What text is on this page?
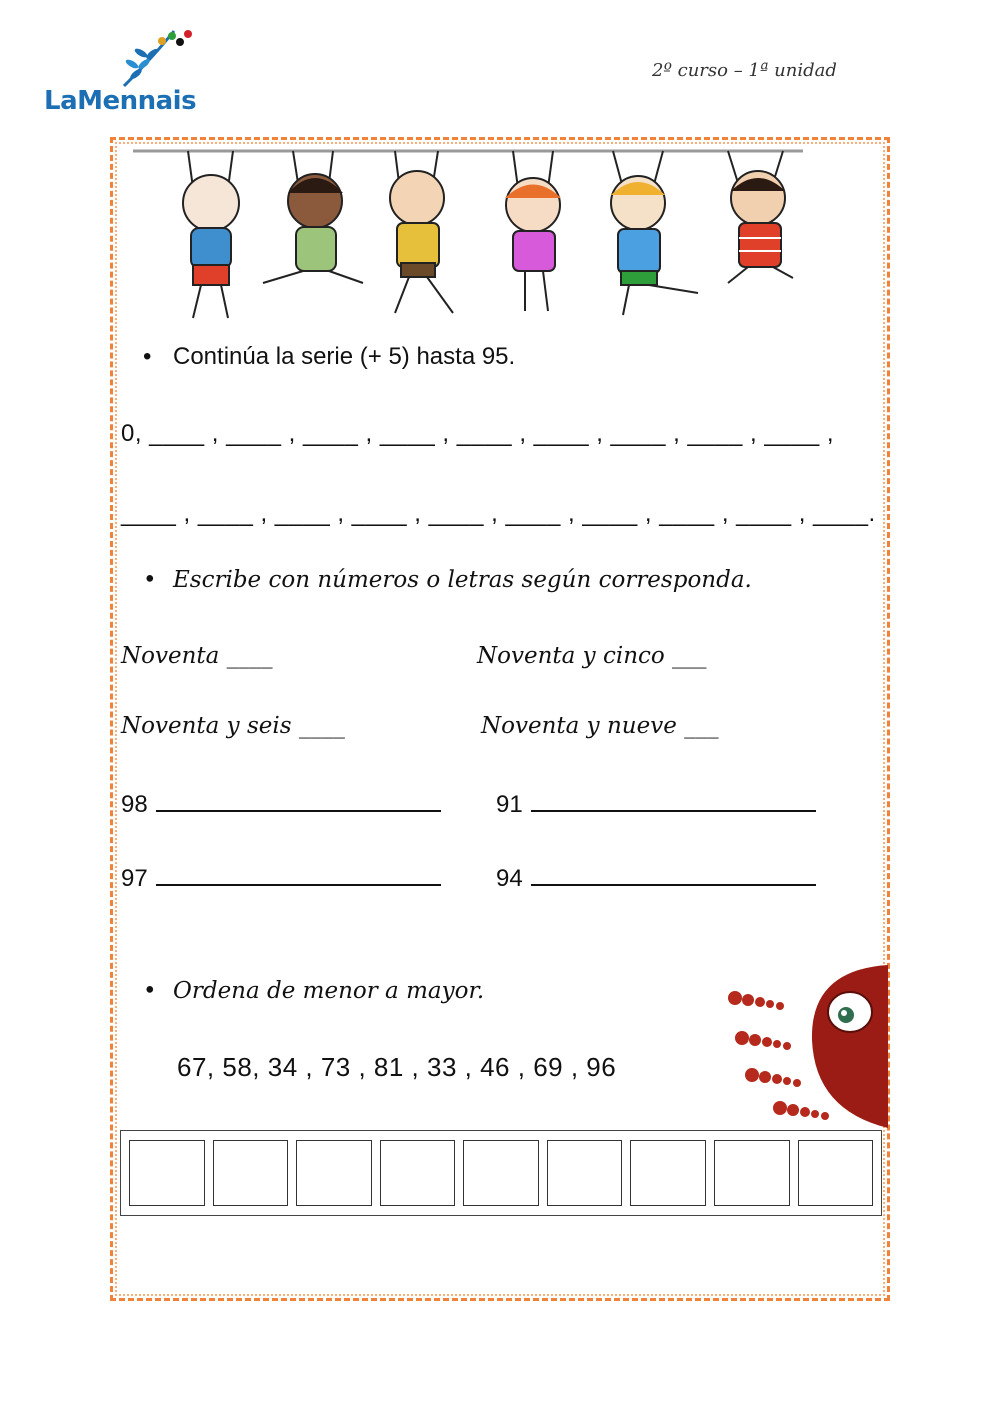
LaMennais
2º curso – 1ª unidad
• Continúa la serie (+ 5) hasta 95.
0, ____ , ____ , ____ , ____ , ____ , ____ , ____ , ____ , ____ ,
____ , ____ , ____ , ____ , ____ , ____ , ____ , ____ , ____ , ____.
• Escribe con números o letras según corresponda.
Noventa ____	Noventa y cinco ___
Noventa y seis ____	Noventa y nueve ___
98	91
97	94
• Ordena de menor a mayor.
67, 58, 34 , 73 , 81 , 33 , 46 , 69 , 96
